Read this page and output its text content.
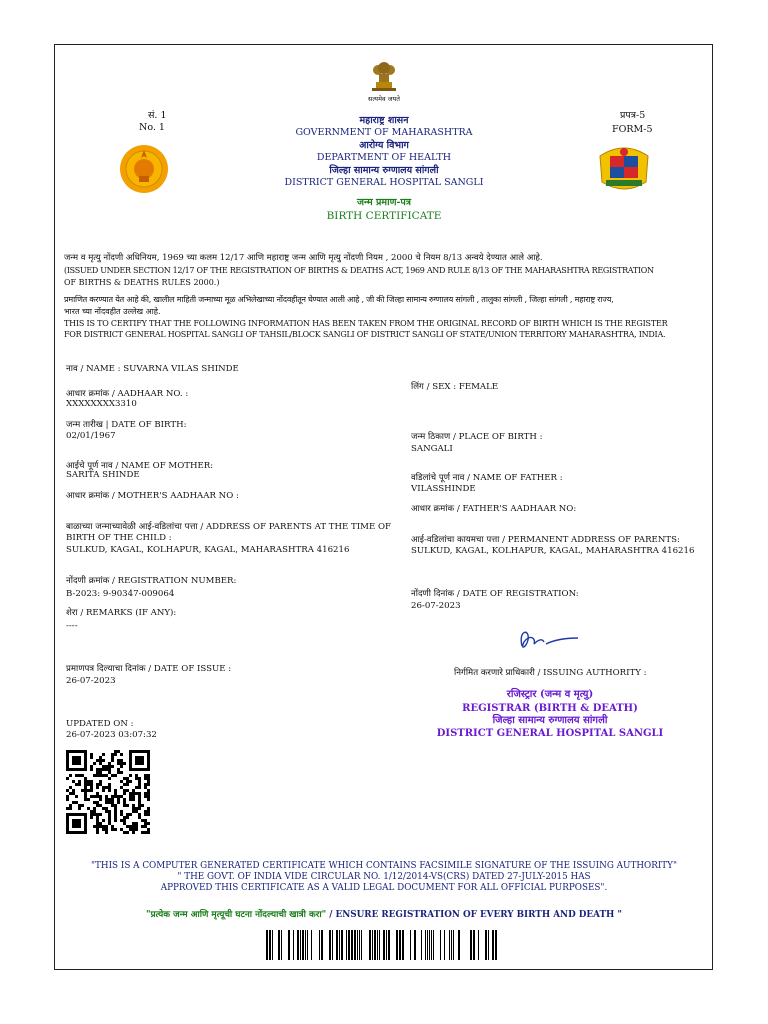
सत्यमेव जयते
सं. 1
No. 1
प्रपत्र-5
FORM-5
महाराष्ट्र शासन
GOVERNMENT OF MAHARASHTRA
आरोग्य विभाग
DEPARTMENT OF HEALTH
जिल्हा सामान्य रुग्णालय सांगली
DISTRICT GENERAL HOSPITAL SANGLI
जन्म प्रमाण-पत्र
BIRTH CERTIFICATE
जन्म व मृत्यु नोंदणी अधिनियम, 1969 च्या कलम 12/17 आणि महाराष्ट्र जन्म आणि मृत्यु नोंदणी नियम , 2000 चे नियम 8/13 अन्वये देण्यात आले आहे.
(ISSUED UNDER SECTION 12/17 OF THE REGISTRATION OF BIRTHS & DEATHS ACT, 1969 AND RULE 8/13 OF THE MAHARASHTRA REGISTRATION
OF BIRTHS & DEATHS RULES 2000.)
प्रमाणित करण्यात येत आहे की, खालील माहिती जन्माच्या मूळ अभिलेखाच्या नोंदवहीतून घेण्यात आली आहे , जी की जिल्हा सामान्य रुग्णालय सांगली , तालुका सांगली , जिल्हा सांगली , महाराष्ट्र राज्य,
भारत च्या नोंदवहीत उल्लेख आहे.
THIS IS TO CERTIFY THAT THE FOLLOWING INFORMATION HAS BEEN TAKEN FROM THE ORIGINAL RECORD OF BIRTH WHICH IS THE REGISTER
FOR DISTRICT GENERAL HOSPITAL SANGLI OF TAHSIL/BLOCK SANGLI OF DISTRICT SANGLI OF STATE/UNION TERRITORY MAHARASHTRA, INDIA.
नाव / NAME : SUVARNA VILAS SHINDE
आधार क्रमांक / AADHAAR NO. :
XXXXXXXX3310
जन्म तारीख | DATE OF BIRTH:
02/01/1967
आईचे पूर्ण नाव / NAME OF MOTHER:
SARITA SHINDE
आधार क्रमांक / MOTHER'S AADHAAR NO :
बाळाच्या जन्माच्यावेळी आई-वडिलांचा पत्ता / ADDRESS OF PARENTS AT THE TIME OF
BIRTH OF THE CHILD :
SULKUD, KAGAL, KOLHAPUR, KAGAL, MAHARASHTRA 416216
नोंदणी क्रमांक / REGISTRATION NUMBER:
B-2023: 9-90347-009064
शेरा / REMARKS (IF ANY):
----
प्रमाणपत्र दिल्याचा दिनांक / DATE OF ISSUE :
26-07-2023
UPDATED ON :
26-07-2023 03:07:32
लिंग / SEX : FEMALE
जन्म ठिकाण / PLACE OF BIRTH :
SANGALI
वडिलांचे पूर्ण नाव / NAME OF FATHER :
VILASSHINDE
आधार क्रमांक / FATHER'S AADHAAR NO:
आई-वडिलांचा कायमचा पत्ता / PERMANENT ADDRESS OF PARENTS:
SULKUD, KAGAL, KOLHAPUR, KAGAL, MAHARASHTRA 416216
नोंदणी दिनांक / DATE OF REGISTRATION:
26-07-2023
निर्गमित करणारे प्राधिकारी / ISSUING AUTHORITY :
रजिस्ट्रार (जन्म व मृत्यु)
REGISTRAR (BIRTH & DEATH)
जिल्हा सामान्य रुग्णालय सांगली
DISTRICT GENERAL HOSPITAL SANGLI
"THIS IS A COMPUTER GENERATED CERTIFICATE WHICH CONTAINS FACSIMILE SIGNATURE OF THE ISSUING AUTHORITY"
" THE GOVT. OF INDIA VIDE CIRCULAR NO. 1/12/2014-VS(CRS) DATED 27-JULY-2015 HAS
APPROVED THIS CERTIFICATE AS A VALID LEGAL DOCUMENT FOR ALL OFFICIAL PURPOSES".
"प्रत्येक जन्म आणि मृत्यूची घटना नोंदल्याची खात्री करा" / ENSURE REGISTRATION OF EVERY BIRTH AND DEATH "
